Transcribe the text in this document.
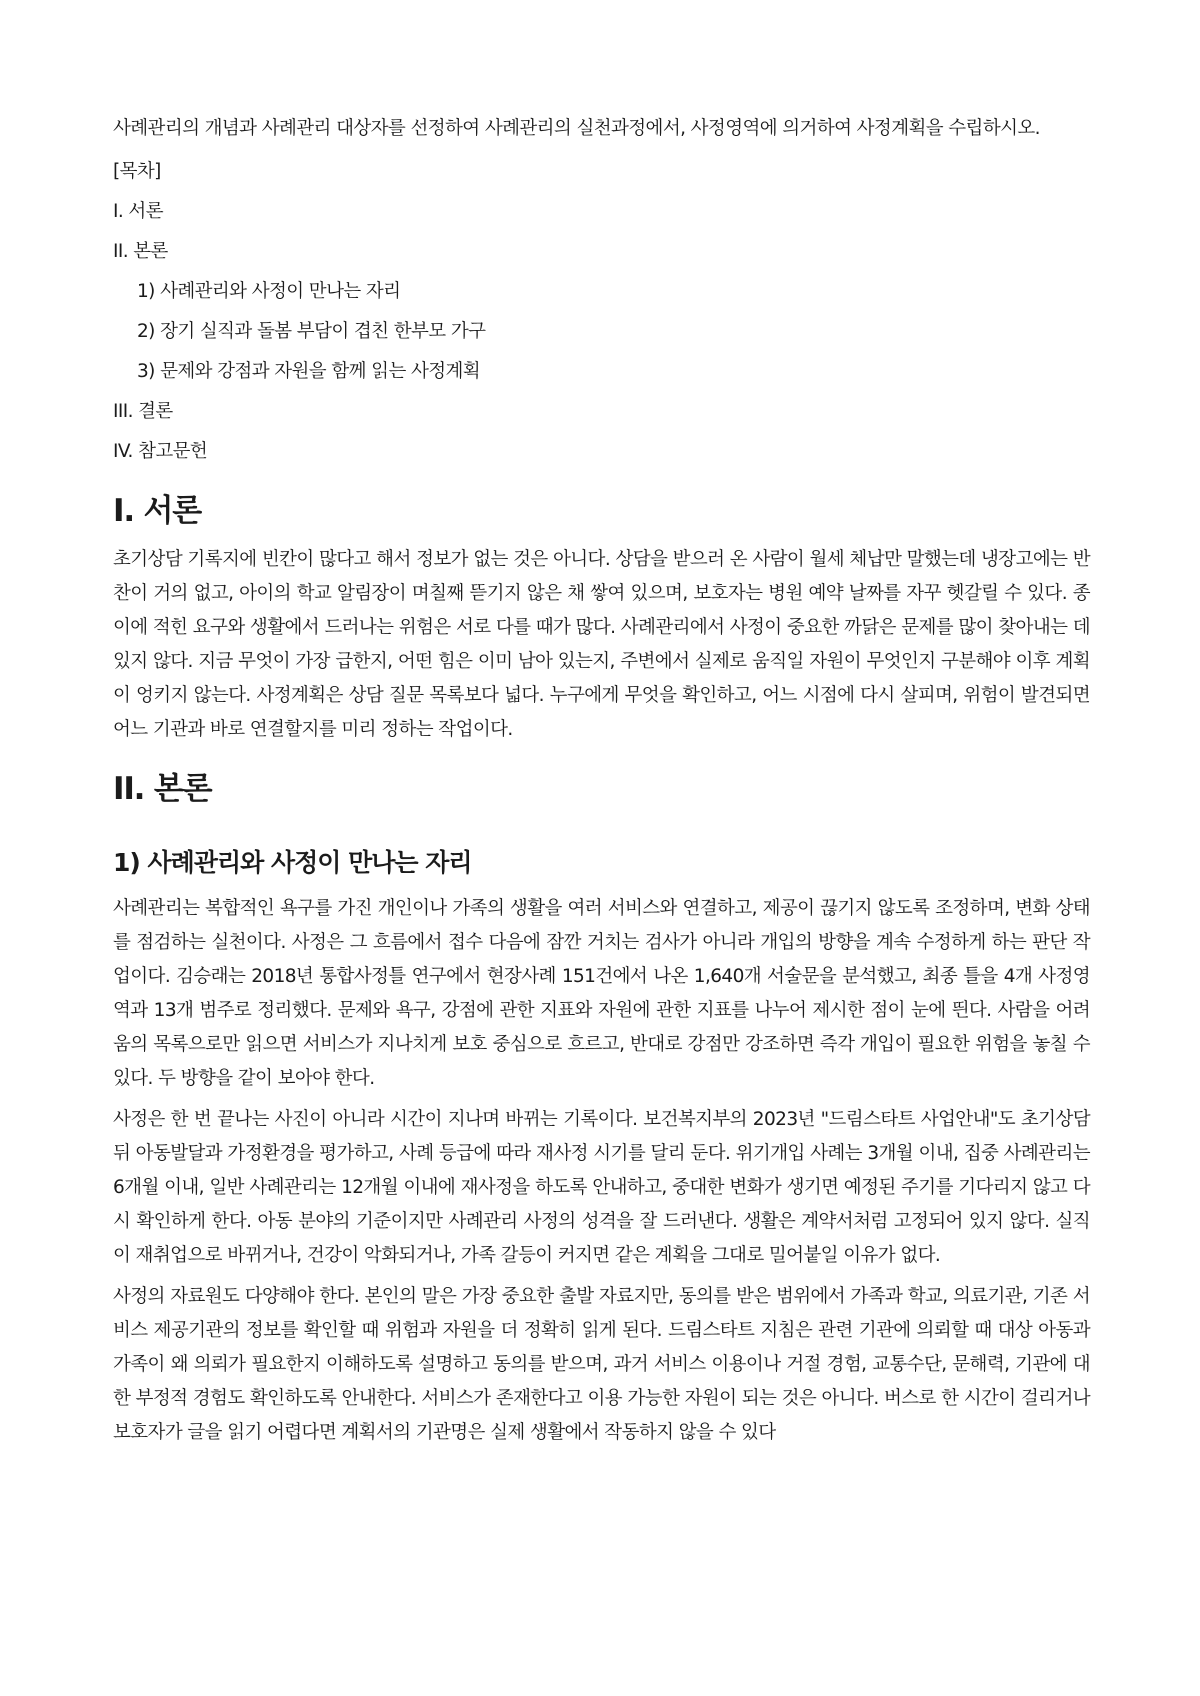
사례관리의 개념과 사례관리 대상자를 선정하여 사례관리의 실천과정에서, 사정영역에 의거하여 사정계획을 수립하시오.

[목차]
I. 서론
II. 본론
1) 사례관리와 사정이 만나는 자리
2) 장기 실직과 돌봄 부담이 겹친 한부모 가구
3) 문제와 강점과 자원을 함께 읽는 사정계획
III. 결론
IV. 참고문헌
I. 서론

초기상담 기록지에 빈칸이 많다고 해서 정보가 없는 것은 아니다. 상담을 받으러 온 사람이 월세 체납만 말했는데 냉장고에는 반찬이 거의 없고, 아이의 학교 알림장이 며칠째 뜯기지 않은 채 쌓여 있으며, 보호자는 병원 예약 날짜를 자꾸 헷갈릴 수 있다. 종이에 적힌 요구와 생활에서 드러나는 위험은 서로 다를 때가 많다. 사례관리에서 사정이 중요한 까닭은 문제를 많이 찾아내는 데 있지 않다. 지금 무엇이 가장 급한지, 어떤 힘은 이미 남아 있는지, 주변에서 실제로 움직일 자원이 무엇인지 구분해야 이후 계획이 엉키지 않는다. 사정계획은 상담 질문 목록보다 넓다. 누구에게 무엇을 확인하고, 어느 시점에 다시 살피며, 위험이 발견되면 어느 기관과 바로 연결할지를 미리 정하는 작업이다.

II. 본론
1) 사례관리와 사정이 만나는 자리

사례관리는 복합적인 욕구를 가진 개인이나 가족의 생활을 여러 서비스와 연결하고, 제공이 끊기지 않도록 조정하며, 변화 상태를 점검하는 실천이다. 사정은 그 흐름에서 접수 다음에 잠깐 거치는 검사가 아니라 개입의 방향을 계속 수정하게 하는 판단 작업이다. 김승래는 2018년 통합사정틀 연구에서 현장사례 151건에서 나온 1,640개 서술문을 분석했고, 최종 틀을 4개 사정영역과 13개 범주로 정리했다. 문제와 욕구, 강점에 관한 지표와 자원에 관한 지표를 나누어 제시한 점이 눈에 띈다. 사람을 어려움의 목록으로만 읽으면 서비스가 지나치게 보호 중심으로 흐르고, 반대로 강점만 강조하면 즉각 개입이 필요한 위험을 놓칠 수 있다. 두 방향을 같이 보아야 한다.

사정은 한 번 끝나는 사진이 아니라 시간이 지나며 바뀌는 기록이다. 보건복지부의 2023년 "드림스타트 사업안내"도 초기상담 뒤 아동발달과 가정환경을 평가하고, 사례 등급에 따라 재사정 시기를 달리 둔다. 위기개입 사례는 3개월 이내, 집중 사례관리는 6개월 이내, 일반 사례관리는 12개월 이내에 재사정을 하도록 안내하고, 중대한 변화가 생기면 예정된 주기를 기다리지 않고 다시 확인하게 한다. 아동 분야의 기준이지만 사례관리 사정의 성격을 잘 드러낸다. 생활은 계약서처럼 고정되어 있지 않다. 실직이 재취업으로 바뀌거나, 건강이 악화되거나, 가족 갈등이 커지면 같은 계획을 그대로 밀어붙일 이유가 없다.

사정의 자료원도 다양해야 한다. 본인의 말은 가장 중요한 출발 자료지만, 동의를 받은 범위에서 가족과 학교, 의료기관, 기존 서비스 제공기관의 정보를 확인할 때 위험과 자원을 더 정확히 읽게 된다. 드림스타트 지침은 관련 기관에 의뢰할 때 대상 아동과 가족이 왜 의뢰가 필요한지 이해하도록 설명하고 동의를 받으며, 과거 서비스 이용이나 거절 경험, 교통수단, 문해력, 기관에 대한 부정적 경험도 확인하도록 안내한다. 서비스가 존재한다고 이용 가능한 자원이 되는 것은 아니다. 버스로 한 시간이 걸리거나 보호자가 글을 읽기 어렵다면 계획서의 기관명은 실제 생활에서 작동하지 않을 수 있다
